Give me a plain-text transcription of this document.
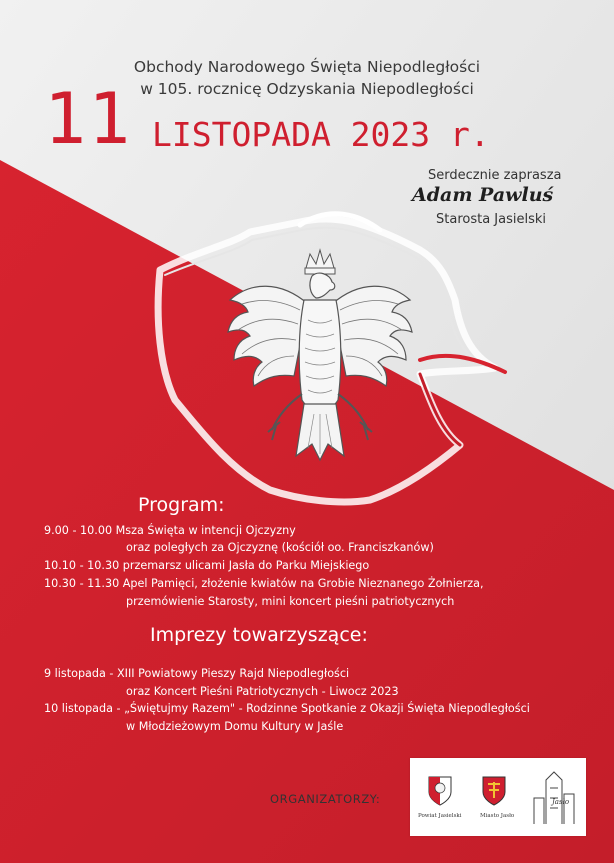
Obchody Narodowego Święta Niepodległości
w 105. rocznicę Odzyskania Niepodległości
11 LISTOPADA 2023 r.
Serdecznie zaprasza
Adam Pawluś
Starosta Jasielski
Program:
9.00 - 10.00 Msza Święta w intencji Ojczyzny
oraz poległych za Ojczyznę (kościół oo. Franciszkanów)
10.10 - 10.30 przemarsz ulicami Jasła do Parku Miejskiego
10.30 - 11.30 Apel Pamięci, złożenie kwiatów na Grobie Nieznanego Żołnierza,
przemówienie Starosty, mini koncert pieśni patriotycznych
Imprezy towarzyszące:
9 listopada - XIII Powiatowy Pieszy Rajd Niepodległości
oraz Koncert Pieśni Patriotycznych - Liwocz 2023
10 listopada - „Świętujmy Razem" - Rodzinne Spotkanie z Okazji Święta Niepodległości
w Młodzieżowym Domu Kultury w Jaśle
ORGANIZATORZY:
Powiat Jasielski	Miasto Jasło
Jasło
